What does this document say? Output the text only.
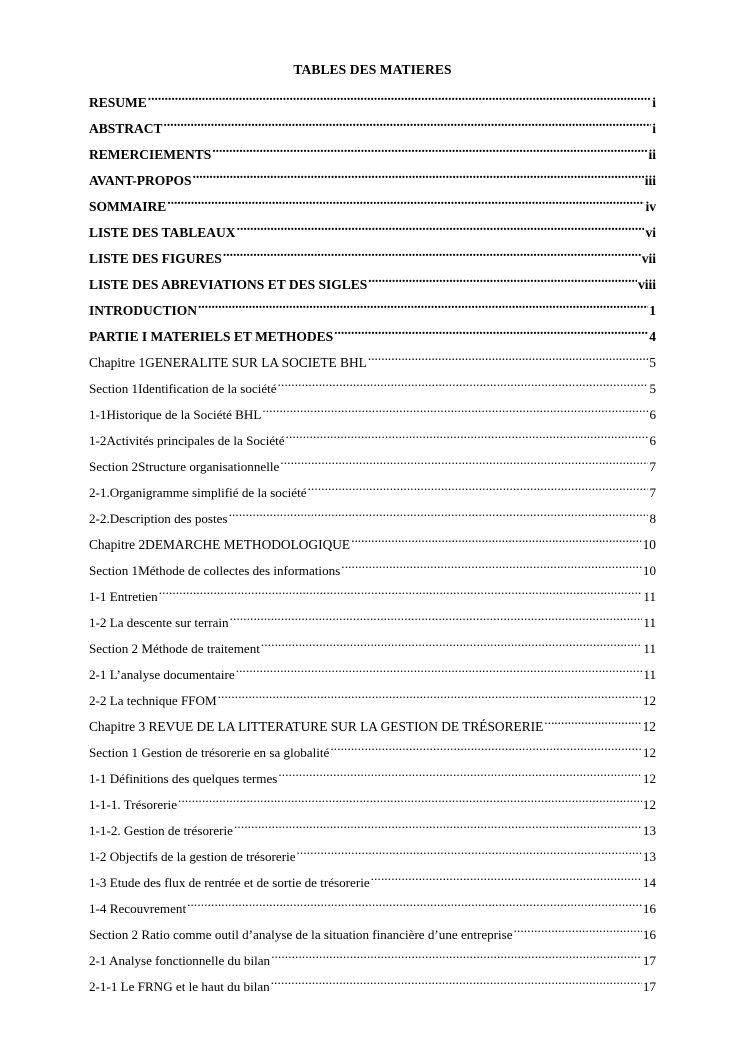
TABLES DES MATIERES
RESUME .....	i
ABSTRACT .....	i
REMERCIEMENTS .....	ii
AVANT-PROPOS .....	iii
SOMMAIRE .....	iv
LISTE DES TABLEAUX .....	vi
LISTE DES FIGURES .....	vii
LISTE DES ABREVIATIONS ET DES SIGLES .....	viii
INTRODUCTION .....	1
PARTIE I MATERIELS ET METHODES .....	4
Chapitre 1GENERALITE SUR LA SOCIETE BHL .....	5
Section 1Identification de la société .....	5
1-1Historique de la Société BHL .....	6
1-2Activités principales de la Société .....	6
Section 2Structure organisationnelle .....	7
2-1.Organigramme simplifié de la société .....	7
2-2.Description des postes .....	8
Chapitre 2DEMARCHE METHODOLOGIQUE .....	10
Section 1Méthode de collectes des informations .....	10
1-1 Entretien .....	11
1-2 La descente sur terrain .....	11
Section 2 Méthode de traitement .....	11
2-1 L’analyse documentaire .....	11
2-2 La technique FFOM .....	12
Chapitre 3 REVUE DE LA LITTERATURE SUR LA GESTION DE TRÉSORERIE .....	12
Section 1 Gestion de trésorerie en sa globalité .....	12
1-1 Définitions des quelques termes .....	12
1-1-1. Trésorerie .....	12
1-1-2. Gestion de trésorerie .....	13
1-2 Objectifs de la gestion de trésorerie .....	13
1-3 Etude des flux de rentrée et de sortie de trésorerie .....	14
1-4 Recouvrement .....	16
Section 2 Ratio comme outil d’analyse de la situation financière d’une entreprise .....	16
2-1 Analyse fonctionnelle du bilan .....	17
2-1-1 Le FRNG et le haut du bilan .....	17
